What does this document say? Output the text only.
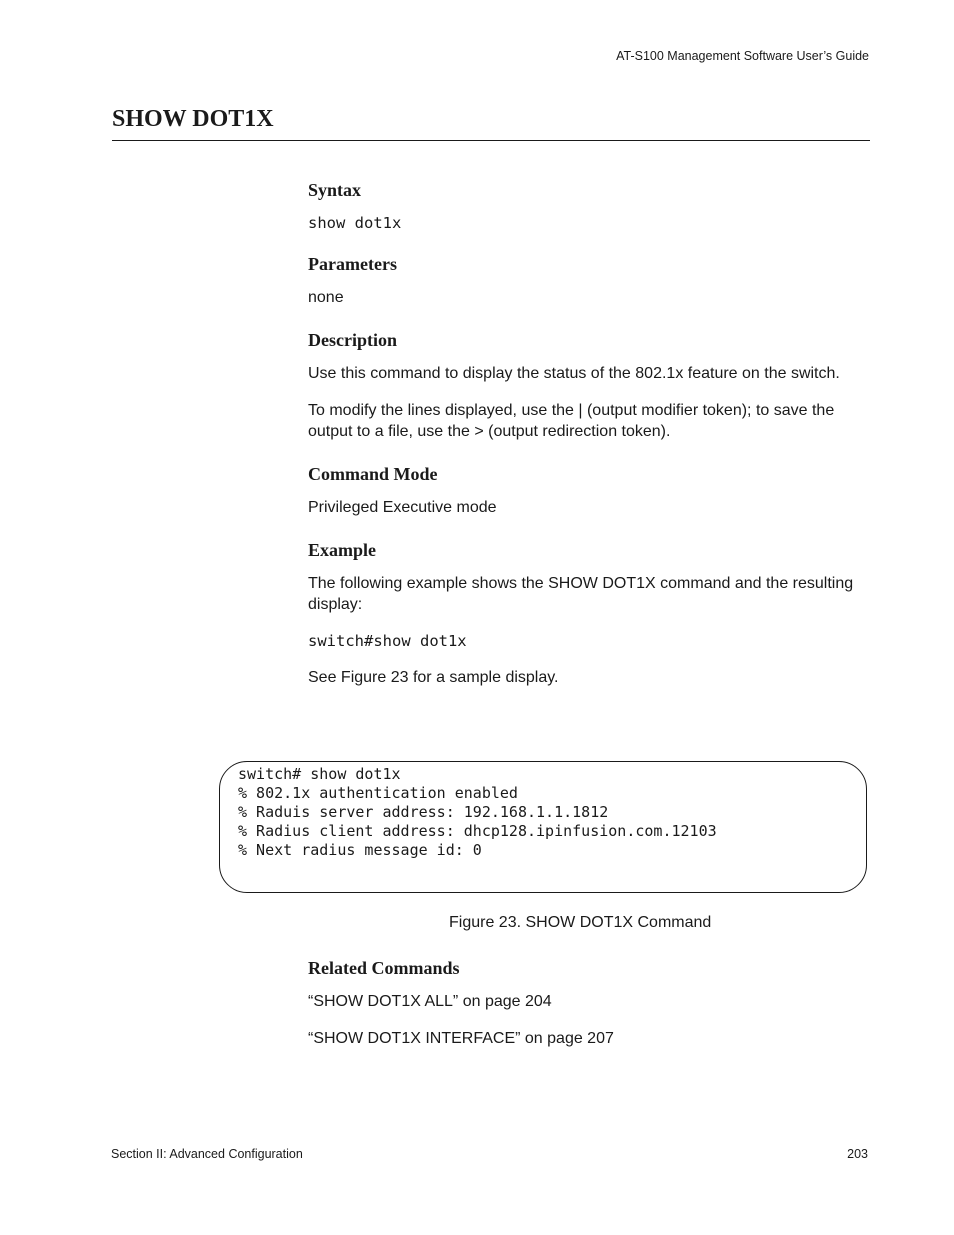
AT-S100 Management Software User’s Guide
SHOW DOT1X
Syntax
show dot1x
Parameters
none
Description
Use this command to display the status of the 802.1x feature on the switch.
To modify the lines displayed, use the | (output modifier token); to save the output to a file, use the > (output redirection token).
Command Mode
Privileged Executive mode
Example
The following example shows the SHOW DOT1X command and the resulting display:
switch#show dot1x
See Figure 23 for a sample display.
switch# show dot1x
% 802.1x authentication enabled
% Raduis server address: 192.168.1.1.1812
% Radius client address: dhcp128.ipinfusion.com.12103
% Next radius message id: 0
Figure 23. SHOW DOT1X Command
Related Commands
“SHOW DOT1X ALL” on page 204
“SHOW DOT1X INTERFACE” on page 207
Section II: Advanced Configuration	203
